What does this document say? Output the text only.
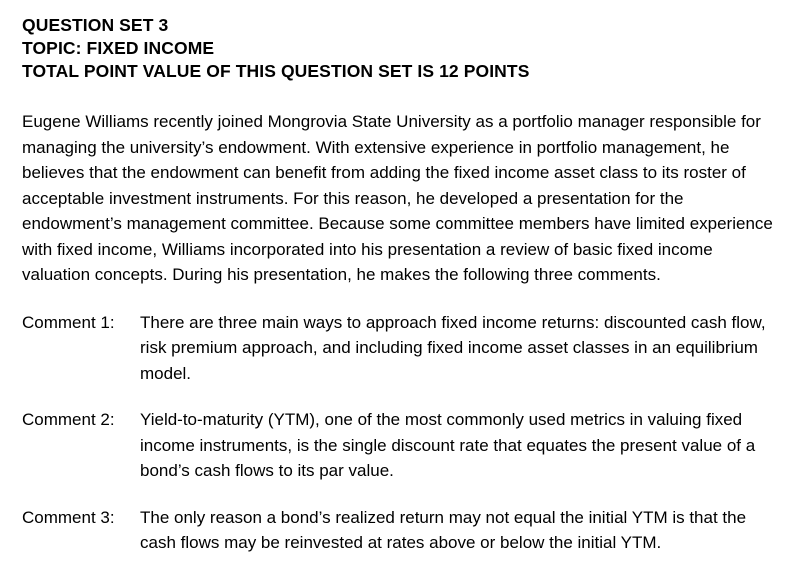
QUESTION SET 3
TOPIC: FIXED INCOME
TOTAL POINT VALUE OF THIS QUESTION SET IS 12 POINTS
Eugene Williams recently joined Mongrovia State University as a portfolio manager responsible for managing the university’s endowment. With extensive experience in portfolio management, he believes that the endowment can benefit from adding the fixed income asset class to its roster of acceptable investment instruments. For this reason, he developed a presentation for the endowment’s management committee. Because some committee members have limited experience with fixed income, Williams incorporated into his presentation a review of basic fixed income valuation concepts. During his presentation, he makes the following three comments.
Comment 1:	There are three main ways to approach fixed income returns: discounted cash flow, risk premium approach, and including fixed income asset classes in an equilibrium model.
Comment 2:	Yield-to-maturity (YTM), one of the most commonly used metrics in valuing fixed income instruments, is the single discount rate that equates the present value of a bond’s cash flows to its par value.
Comment 3:	The only reason a bond’s realized return may not equal the initial YTM is that the cash flows may be reinvested at rates above or below the initial YTM.
